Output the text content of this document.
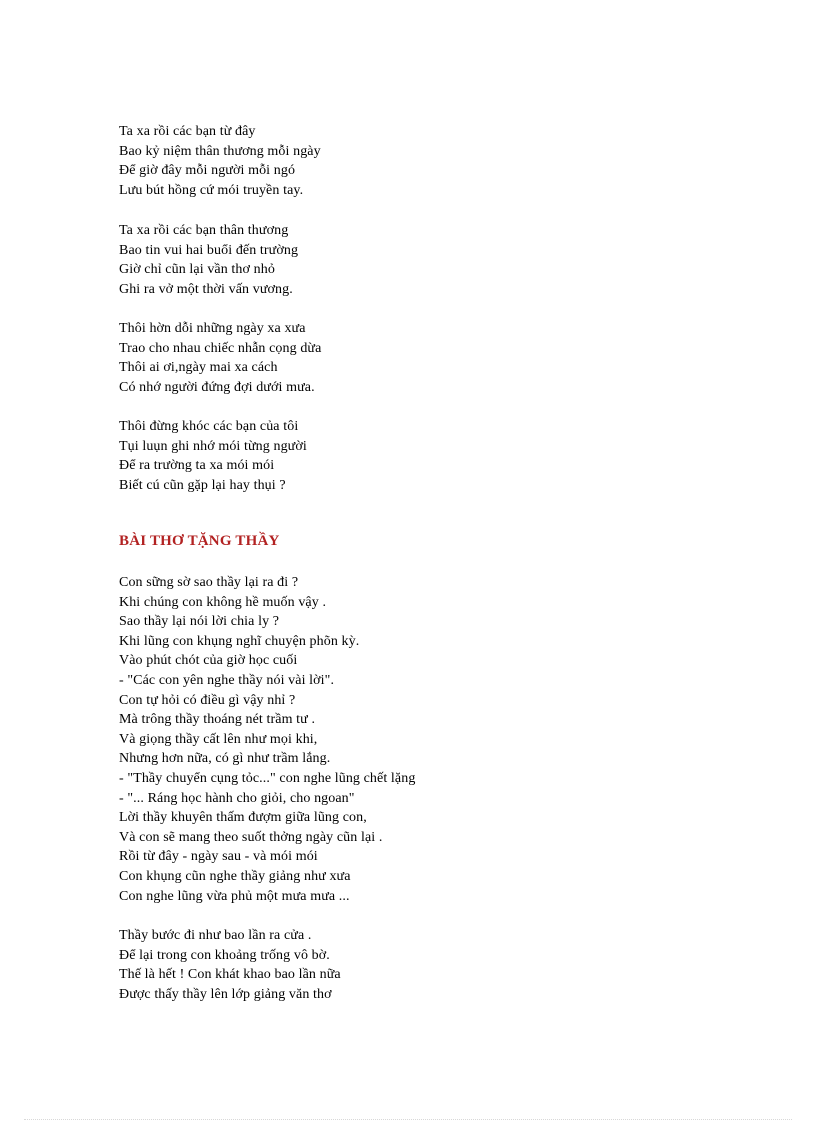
Ta xa rồi các bạn từ đây
Bao kỷ niệm thân thương mỗi ngày
Để giờ đây mỗi người mỗi ngó
Lưu bút hồng cứ mói truyền tay.
Ta xa rồi các bạn thân thương
Bao tin vui hai buổi đến trường
Giờ chỉ cũn lại vần thơ nhỏ
Ghi ra vở một thời vấn vương.
Thôi hờn dỗi những ngày xa xưa
Trao cho nhau chiếc nhẫn cọng dừa
Thôi ai ơi,ngày mai xa cách
Có nhớ người đứng đợi dưới mưa.
Thôi đừng khóc các bạn của tôi
Tụi luụn ghi nhớ mói từng người
Để ra trường ta xa mói mói
Biết cú cũn gặp lại hay thụi ?
BÀI THƠ TẶNG THẦY
Con sững sờ sao thầy lại ra đi ?
Khi chúng con không hề muốn vậy .
Sao thầy lại nói lời chia ly ?
Khi lũng con khụng nghĩ chuyện phõn kỳ.
Vào phút chót của giờ học cuối
- "Các con yên nghe thầy nói vài lời".
Con tự hỏi có điều gì vậy nhỉ ?
Mà trông thầy thoáng nét trầm tư .
Và giọng thầy cất lên như mọi khi,
Nhưng hơn nữa, có gì như trầm lắng.
- "Thầy chuyển cụng tỏc..." con nghe lũng chết lặng
- "... Ráng học hành cho giỏi, cho ngoan"
Lời thầy khuyên thấm đượm giữa lũng con,
Và con sẽ mang theo suốt thởng ngày cũn lại .
Rồi từ đây - ngày sau - và mói mói
Con khụng cũn nghe thầy giảng như xưa
Con nghe lũng vừa phủ một mưa mưa ...
Thầy bước đi như bao lần ra cửa .
Để lại trong con khoảng trống vô bờ.
Thế là hết ! Con khát khao bao lần nữa
Được thấy thầy lên lớp giảng văn thơ
